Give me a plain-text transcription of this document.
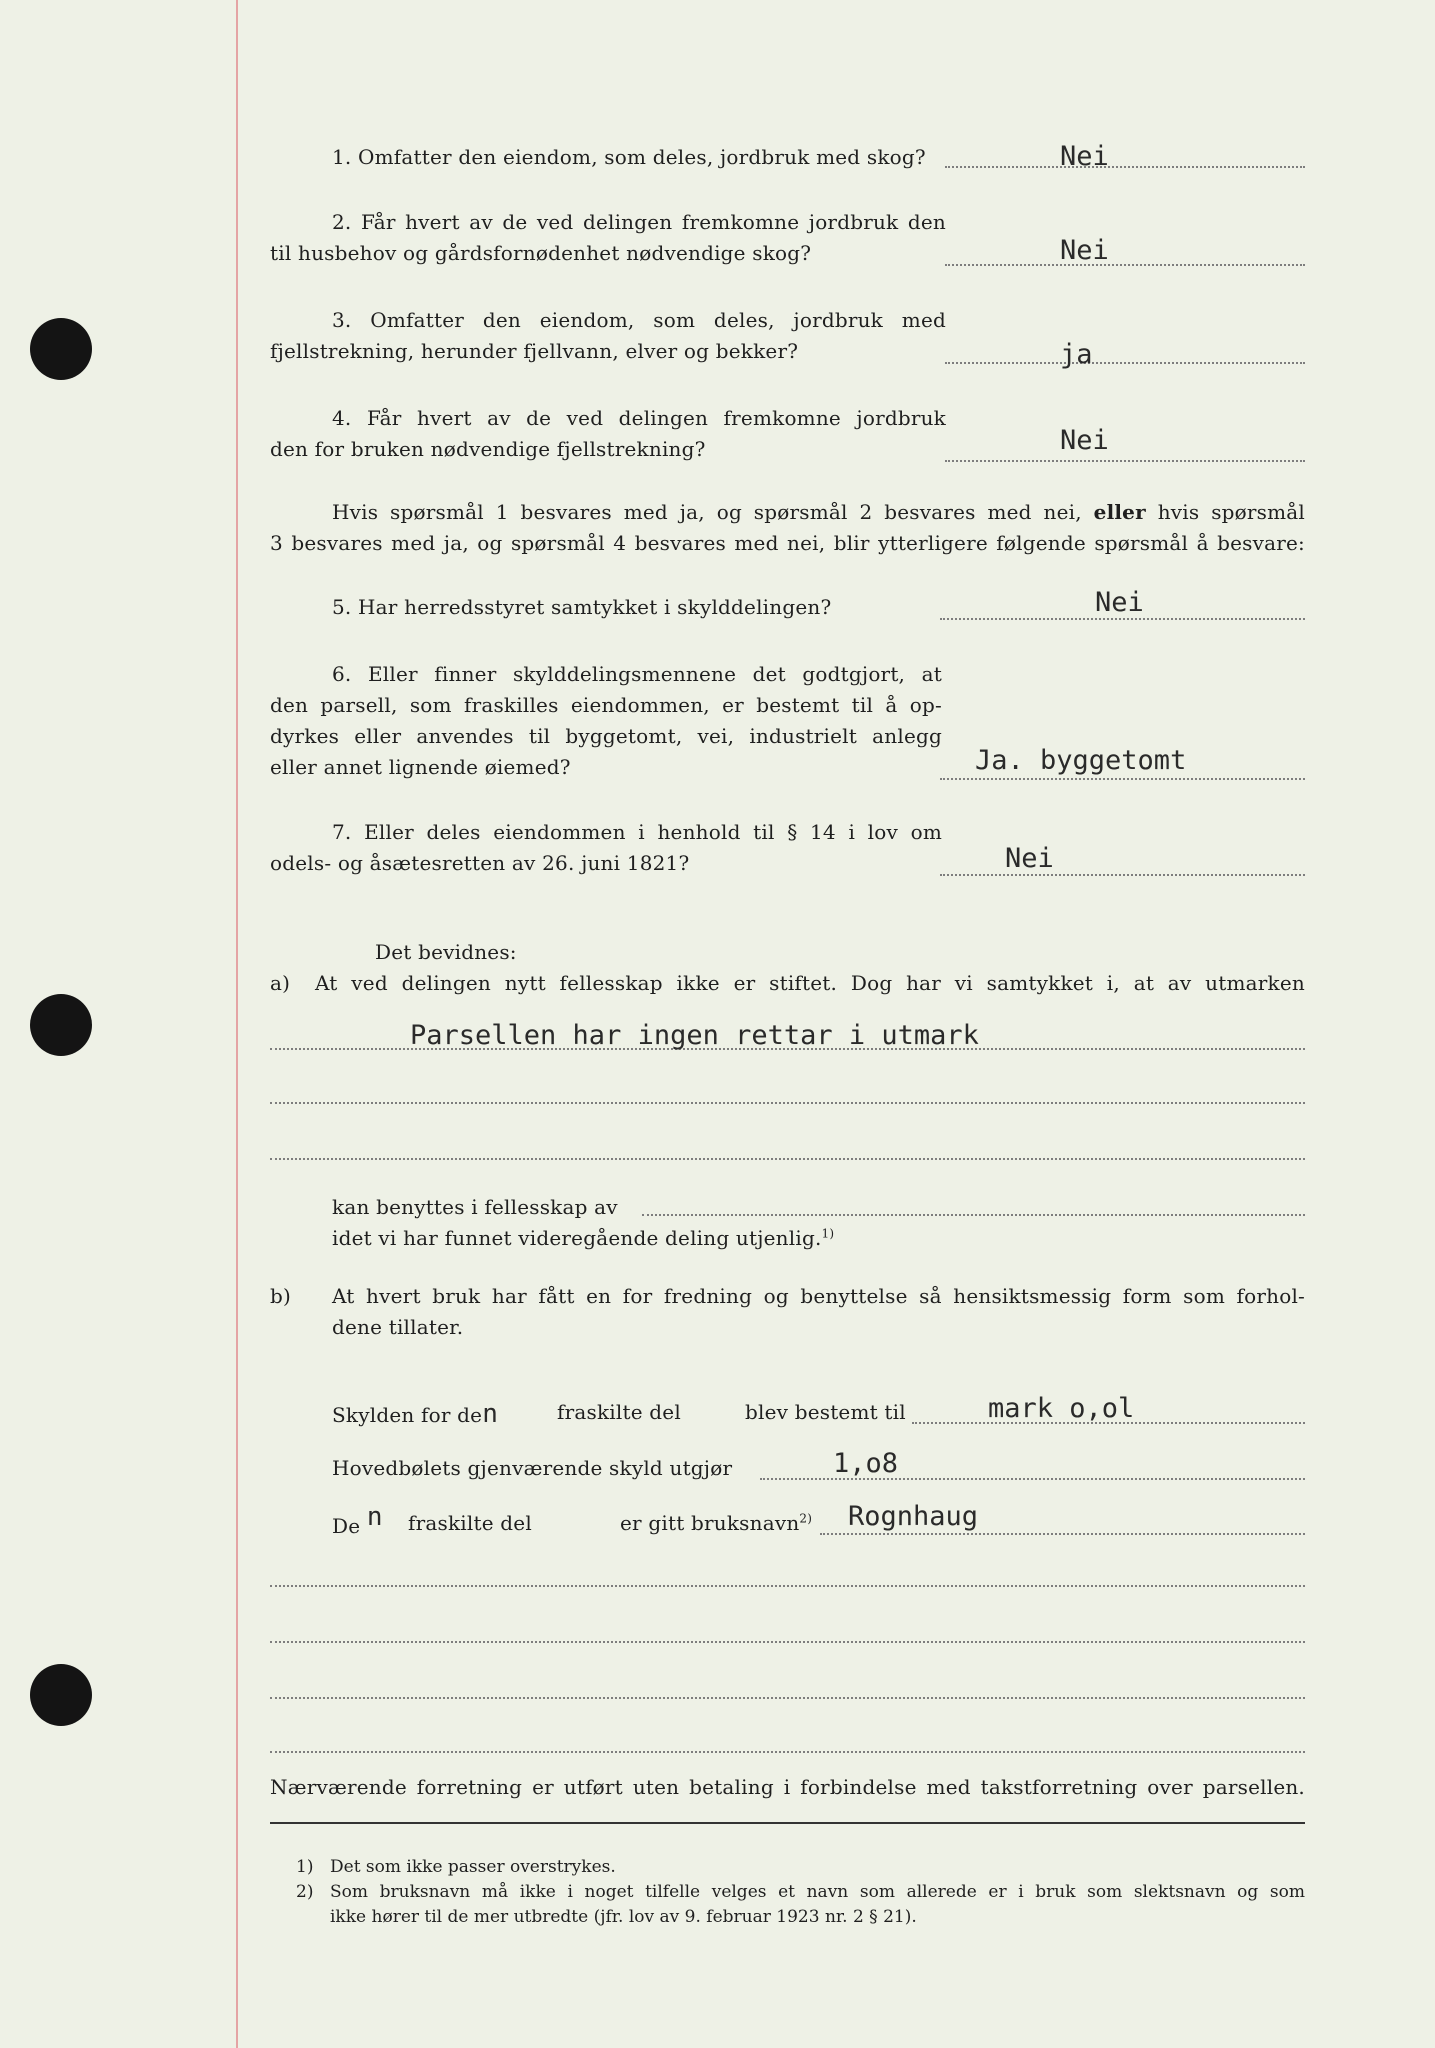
1. Omfatter den eiendom, som deles, jordbruk med skog?	Nei
2. Får hvert av de ved delingen fremkomne jordbruk den
til husbehov og gårdsfornødenhet nødvendige skog?	Nei
3. Omfatter den eiendom, som deles, jordbruk med
fjellstrekning, herunder fjellvann, elver og bekker?	ja
4. Får hvert av de ved delingen fremkomne jordbruk
den for bruken nødvendige fjellstrekning?	Nei
Hvis spørsmål 1 besvares med ja, og spørsmål 2 besvares med nei, eller hvis spørsmål
3 besvares med ja, og spørsmål 4 besvares med nei, blir ytterligere følgende spørsmål å besvare:
5. Har herredsstyret samtykket i skylddelingen?	Nei
6. Eller finner skylddelingsmennene det godtgjort, at
den parsell, som fraskilles eiendommen, er bestemt til å op-
dyrkes eller anvendes til byggetomt, vei, industrielt anlegg
eller annet lignende øiemed?	Ja. byggetomt
7. Eller deles eiendommen i henhold til § 14 i lov om
odels- og åsætesretten av 26. juni 1821?	Nei
Det bevidnes:
a) At ved delingen nytt fellesskap ikke er stiftet. Dog har vi samtykket i, at av utmarken
Parsellen har ingen rettar i utmark
kan benyttes i fellesskap av
idet vi har funnet videregående deling utjenlig.$^{1)}$
b) At hvert bruk har fått en for fredning og benyttelse så hensiktsmessig form som forhol-
dene tillater.
Skylden for den	fraskilte del	blev bestemt til	mark o,ol
Hovedbølets gjenværende skyld utgjør	1,o8
De n fraskilte del	er gitt bruksnavn$^{2)}$ Rognhaug
Nærværende forretning er utført uten betaling i forbindelse med takstforretning over parsellen.
1) Det som ikke passer overstrykes.
2) Som bruksnavn må ikke i noget tilfelle velges et navn som allerede er i bruk som slektsnavn og som
ikke hører til de mer utbredte (jfr. lov av 9. februar 1923 nr. 2 § 21).
